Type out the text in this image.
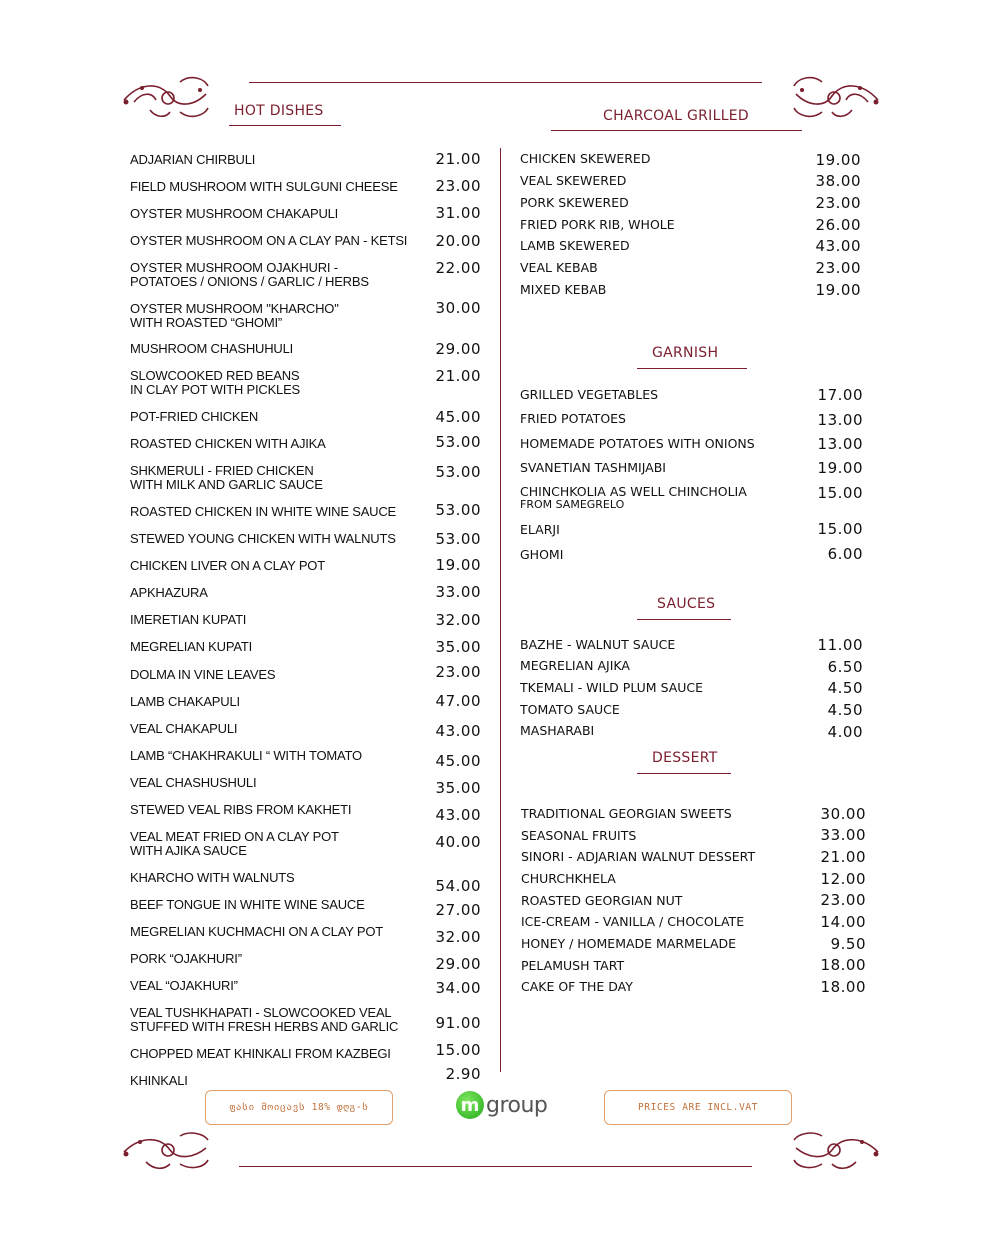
HOT DISHES	CHARCOAL GRILLED
GARNISH
SAUCES
DESSERT
ADJARIAN CHIRBULI	21.00
FIELD MUSHROOM WITH SULGUNI CHEESE	23.00
OYSTER MUSHROOM CHAKAPULI	31.00
OYSTER MUSHROOM ON A CLAY PAN - KETSI	20.00
OYSTER MUSHROOM OJAKHURI -
POTATOES / ONIONS / GARLIC / HERBS
22.00
OYSTER MUSHROOM "KHARCHO"
WITH ROASTED “GHOMI”
30.00
MUSHROOM CHASHUHULI	29.00
SLOWCOOKED RED BEANS
IN CLAY POT WITH PICKLES
21.00
POT-FRIED CHICKEN	45.00
ROASTED CHICKEN WITH AJIKA	53.00
SHKMERULI - FRIED CHICKEN
WITH MILK AND GARLIC SAUCE
53.00
ROASTED CHICKEN IN WHITE WINE SAUCE	53.00
STEWED YOUNG CHICKEN WITH WALNUTS	53.00
CHICKEN LIVER ON A CLAY POT	19.00
APKHAZURA	33.00
IMERETIAN KUPATI	32.00
MEGRELIAN KUPATI	35.00
DOLMA IN VINE LEAVES	23.00
LAMB CHAKAPULI	47.00
VEAL CHAKAPULI	43.00
LAMB “CHAKHRAKULI “ WITH TOMATO	45.00
VEAL CHASHUSHULI	35.00
STEWED VEAL RIBS FROM KAKHETI	43.00
VEAL MEAT FRIED ON A CLAY POT
WITH AJIKA SAUCE	40.00
KHARCHO WITH WALNUTS	54.00
BEEF TONGUE IN WHITE WINE SAUCE	27.00
MEGRELIAN KUCHMACHI ON A CLAY POT	32.00
PORK “OJAKHURI”	29.00
VEAL “OJAKHURI”	34.00
VEAL TUSHKHAPATI - SLOWCOOKED VEAL
STUFFED WITH FRESH HERBS AND GARLIC	91.00
CHOPPED MEAT KHINKALI FROM KAZBEGI	15.00
KHINKALI	2.90
CHICKEN SKEWERED	19.00
VEAL SKEWERED	38.00
PORK SKEWERED	23.00
FRIED PORK RIB, WHOLE	26.00
LAMB SKEWERED	43.00
VEAL KEBAB	23.00
MIXED KEBAB	19.00
GRILLED VEGETABLES	17.00
FRIED POTATOES	13.00
HOMEMADE POTATOES WITH ONIONS	13.00
SVANETIAN TASHMIJABI	19.00
CHINCHKOLIA AS WELL CHINCHOLIA
FROM SAMEGRELO
15.00
ELARJI	15.00
GHOMI	6.00
BAZHE - WALNUT SAUCE	11.00
MEGRELIAN AJIKA	6.50
TKEMALI - WILD PLUM SAUCE	4.50
TOMATO SAUCE	4.50
MASHARABI	4.00
TRADITIONAL GEORGIAN SWEETS	30.00
SEASONAL FRUITS	33.00
SINORI - ADJARIAN WALNUT DESSERT	21.00
CHURCHKHELA	12.00
ROASTED GEORGIAN NUT	23.00
ICE-CREAM - VANILLA / CHOCOLATE	14.00
HONEY / HOMEMADE MARMELADE	9.50
PELAMUSH TART	18.00
CAKE OF THE DAY	18.00
ფასი მოიცავს 18% დღგ-ს	m group	PRICES ARE INCL.VAT
